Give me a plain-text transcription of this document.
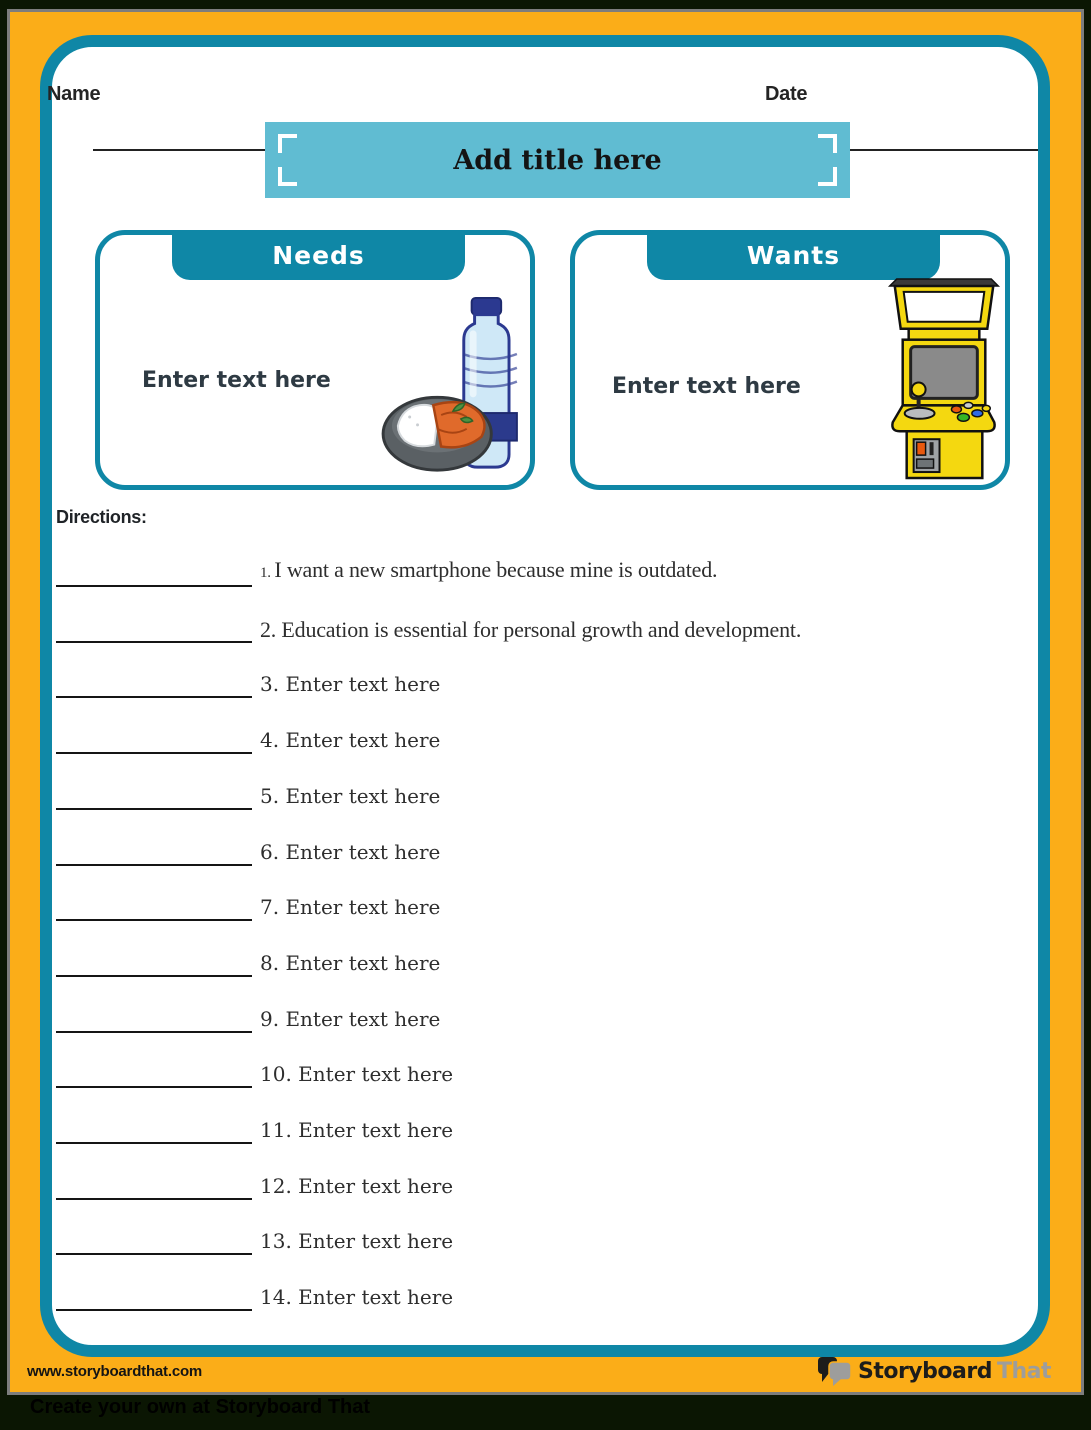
Name	Date
Add title here
Needs
Enter text here
Wants
Enter text here
Directions:
1. I want a new smartphone because mine is outdated.
2. Education is essential for personal growth and development.
3. Enter text here
4. Enter text here
5. Enter text here
6. Enter text here
7. Enter text here
8. Enter text here
9. Enter text here
10. Enter text here
11. Enter text here
12. Enter text here
13. Enter text here
14. Enter text here
www.storyboardthat.com	Storyboard That
Create your own at Storyboard That
